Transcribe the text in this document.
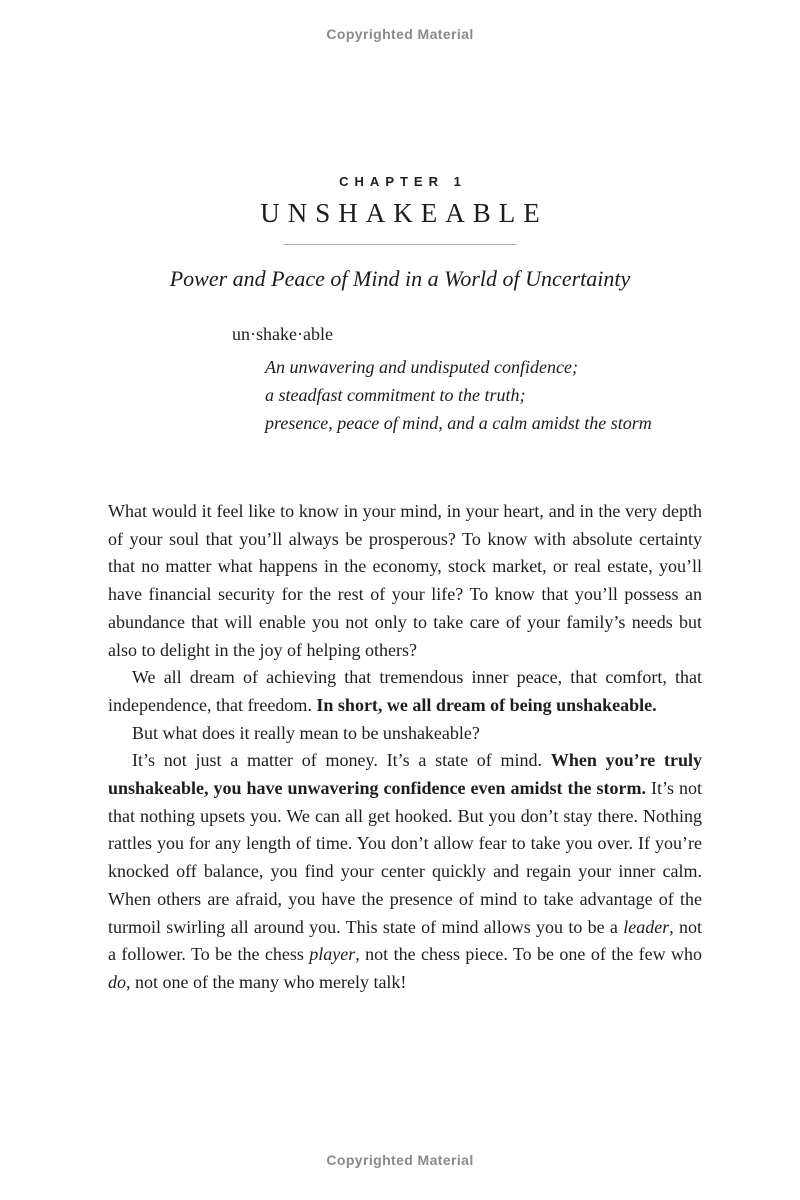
Copyrighted Material
CHAPTER 1
UNSHAKEABLE
Power and Peace of Mind in a World of Uncertainty
un·shake·able
An unwavering and undisputed confidence;
a steadfast commitment to the truth;
presence, peace of mind, and a calm amidst the storm

What would it feel like to know in your mind, in your heart, and in the very depth of your soul that you’ll always be prosperous? To know with absolute certainty that no matter what happens in the economy, stock market, or real estate, you’ll have financial security for the rest of your life? To know that you’ll possess an abundance that will enable you not only to take care of your family’s needs but also to delight in the joy of helping others?

We all dream of achieving that tremendous inner peace, that comfort, that independence, that freedom. In short, we all dream of being unshakeable.

But what does it really mean to be unshakeable?

It’s not just a matter of money. It’s a state of mind. When you’re truly unshakeable, you have unwavering confidence even amidst the storm. It’s not that nothing upsets you. We can all get hooked. But you don’t stay there. Nothing rattles you for any length of time. You don’t allow fear to take you over. If you’re knocked off balance, you find your center quickly and regain your inner calm. When others are afraid, you have the presence of mind to take advantage of the turmoil swirling all around you. This state of mind allows you to be a leader, not a follower. To be the chess player, not the chess piece. To be one of the few who do, not one of the many who merely talk!

Copyrighted Material
